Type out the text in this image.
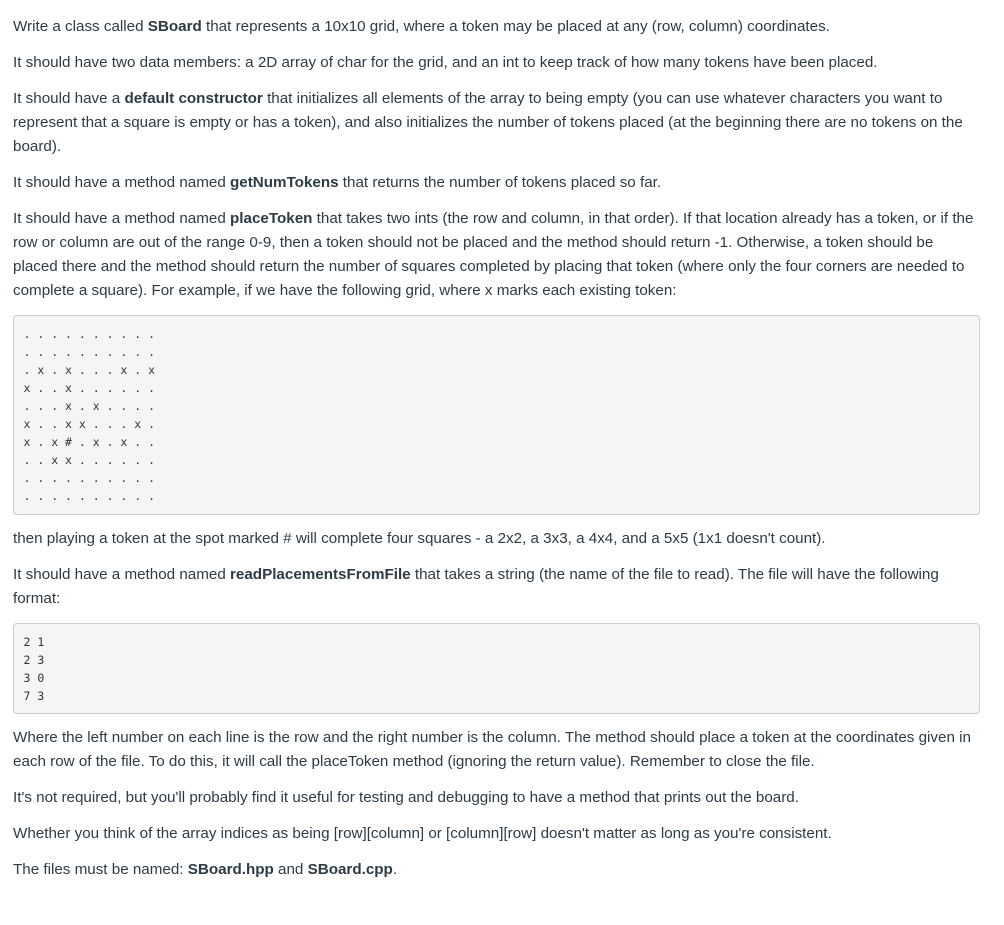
Write a class called SBoard that represents a 10x10 grid, where a token may be placed at any (row, column) coordinates.

It should have two data members: a 2D array of char for the grid, and an int to keep track of how many tokens have been placed.

It should have a default constructor that initializes all elements of the array to being empty (you can use whatever characters you want to represent that a square is empty or has a token), and also initializes the number of tokens placed (at the beginning there are no tokens on the board).

It should have a method named getNumTokens that returns the number of tokens placed so far.

It should have a method named placeToken that takes two ints (the row and column, in that order). If that location already has a token, or if the row or column are out of the range 0-9, then a token should not be placed and the method should return -1. Otherwise, a token should be placed there and the method should return the number of squares completed by placing that token (where only the four corners are needed to complete a square). For example, if we have the following grid, where x marks each existing token:

. . . . . . . . . .
. . . . . . . . . .
. x . x . . . x . x
x . . x . . . . . .
. . . x . x . . . .
x . . x x . . . x .
x . x # . x . x . .
. . x x . . . . . .
. . . . . . . . . .
. . . . . . . . . .

then playing a token at the spot marked # will complete four squares - a 2x2, a 3x3, a 4x4, and a 5x5 (1x1 doesn't count).

It should have a method named readPlacementsFromFile that takes a string (the name of the file to read). The file will have the following format:

2 1
2 3
3 0
7 3

Where the left number on each line is the row and the right number is the column. The method should place a token at the coordinates given in each row of the file. To do this, it will call the placeToken method (ignoring the return value). Remember to close the file.

It's not required, but you'll probably find it useful for testing and debugging to have a method that prints out the board.

Whether you think of the array indices as being [row][column] or [column][row] doesn't matter as long as you're consistent.

The files must be named: SBoard.hpp and SBoard.cpp.
